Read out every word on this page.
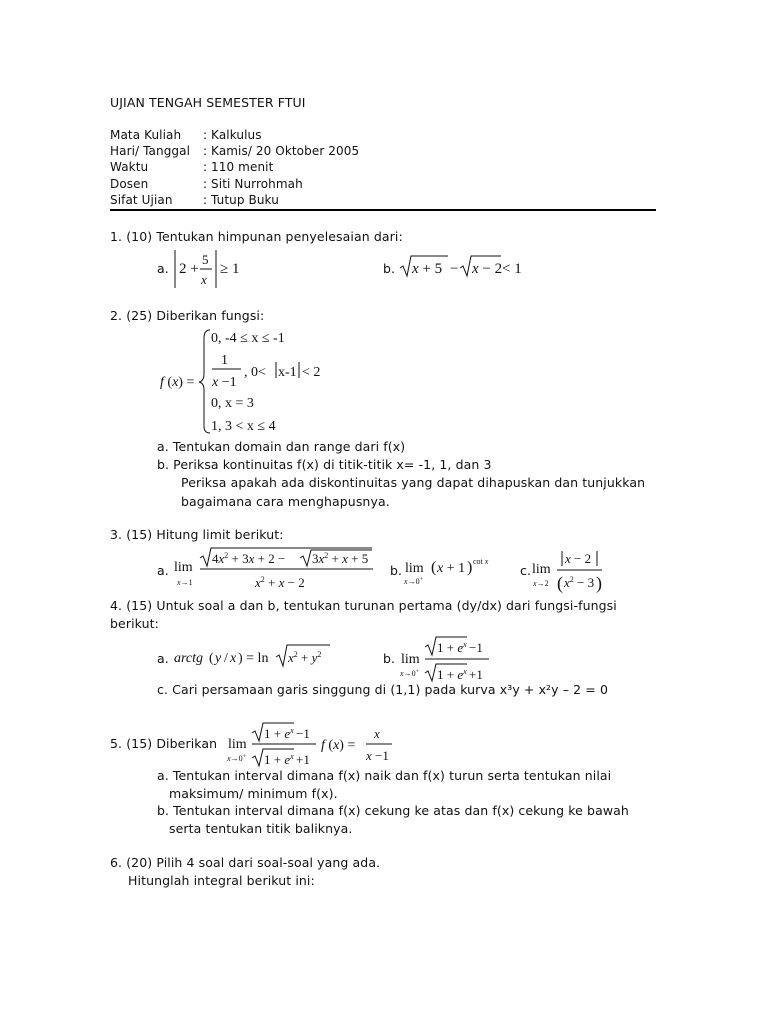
UJIAN TENGAH SEMESTER FTUI
Mata Kuliah	: Kalkulus
Hari/ Tanggal	: Kamis/ 20 Oktober 2005
Waktu	: 110 menit
Dosen	: Siti Nurrohmah
Sifat Ujian	: Tutup Buku
1. (10) Tentukan himpunan penyelesaian dari:
a. 2 +
5
x
≥ 1	b. x + 5 − x − 2 < 1
2. (25) Diberikan fungsi:
f (x) =
0, -4 ≤ x ≤ -1
1
x −1
, 0< x-1 < 2
0, x = 3
1, 3 < x ≤ 4
a. Tentukan domain dan range dari f(x)
b. Periksa kontinuitas f(x) di titik-titik x= -1, 1, dan 3
Periksa apakah ada diskontinuitas yang dapat dihapuskan dan tunjukkan
bagaimana cara menghapusnya.
3. (15) Hitung limit berikut:
a. lim
x→1
$4x^2 + 3x + 2 - 3x^2 + x + 5$
$x^2 + x - 2$
b. lim
x→0+
( x + 1 ) cot x
c. lim
x→2
x − 2
( $x^2 - 3$ )
4. (15) Untuk soal a dan b, tentukan turunan pertama (dy/dx) dari fungsi-fungsi
berikut:
a. arctg ( y / x ) = $\ln x^2 + y^2$	b. lim
x→0+
$1 + e^x -1$
$1 + e^x +1$
c. Cari persamaan garis singgung di (1,1) pada kurva x³y + x²y – 2 = 0
5. (15) Diberikan lim
x→0+
$1 + e^x -1$
$1 + e^x +1$
f (x) =
x
x −1
a. Tentukan interval dimana f(x) naik dan f(x) turun serta tentukan nilai
maksimum/ minimum f(x).
b. Tentukan interval dimana f(x) cekung ke atas dan f(x) cekung ke bawah
serta tentukan titik baliknya.
6. (20) Pilih 4 soal dari soal-soal yang ada.
Hitunglah integral berikut ini:
